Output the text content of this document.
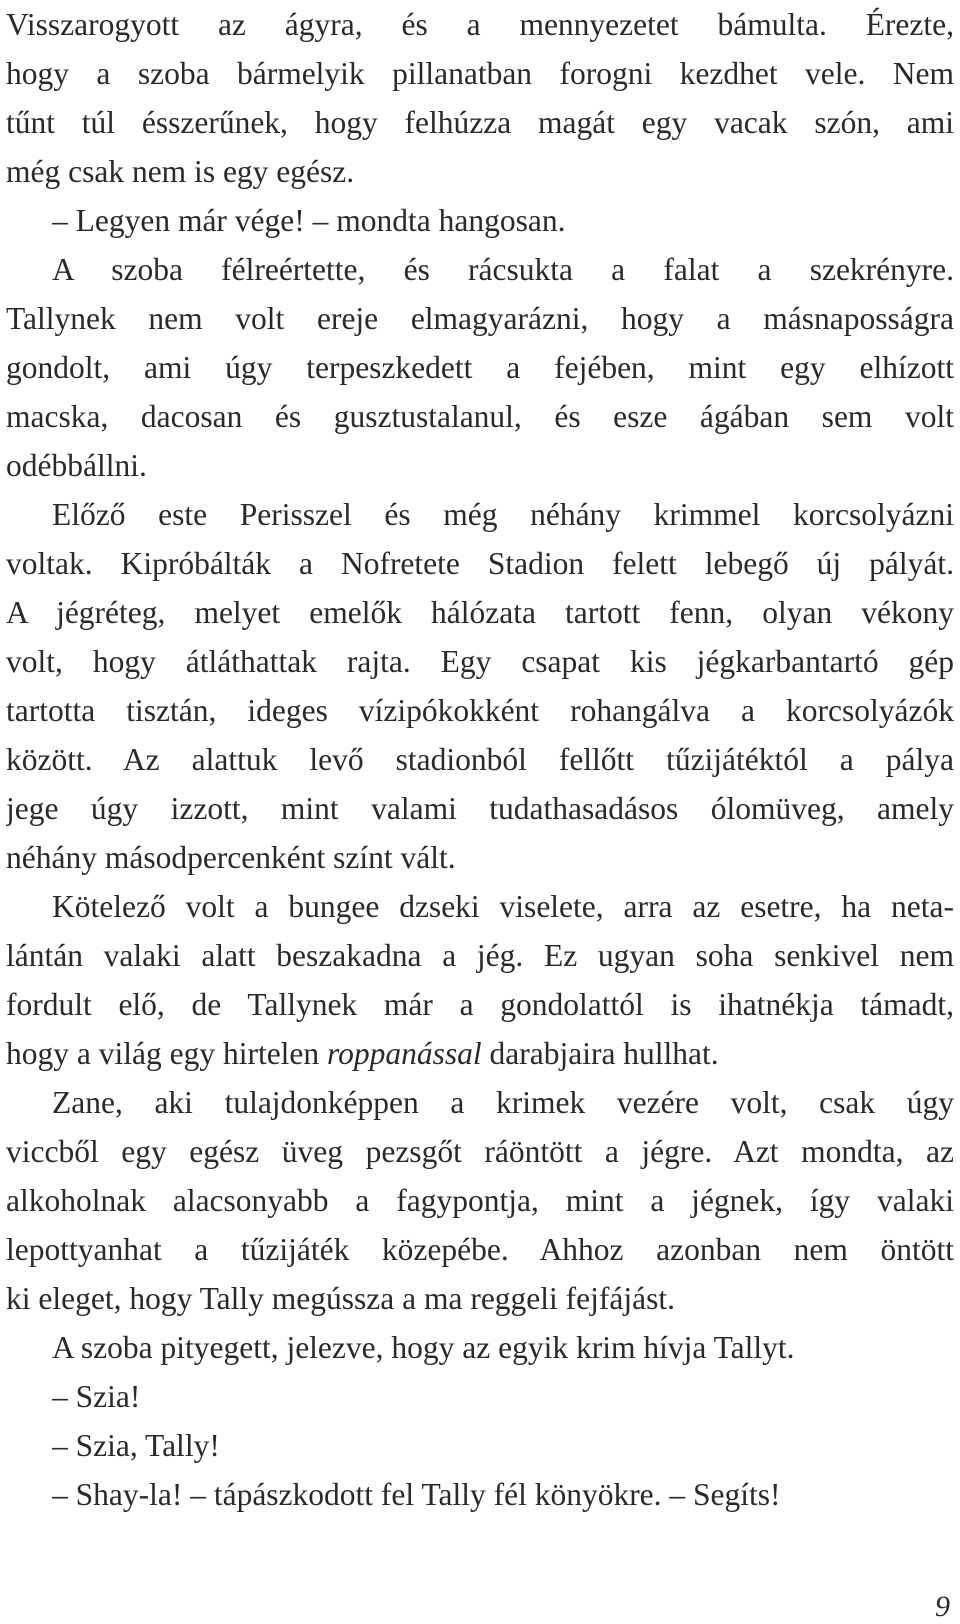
Visszarogyott az ágyra, és a mennyezetet bámulta. Érezte,
hogy a szoba bármelyik pillanatban forogni kezdhet vele. Nem
tűnt túl ésszerűnek, hogy felhúzza magát egy vacak szón, ami
még csak nem is egy egész.
– Legyen már vége! – mondta hangosan.
A szoba félreértette, és rácsukta a falat a szekrényre.
Tallynek nem volt ereje elmagyarázni, hogy a másnaposságra
gondolt, ami úgy terpeszkedett a fejében, mint egy elhízott
macska, dacosan és gusztustalanul, és esze ágában sem volt
odébbállni.
Előző este Perisszel és még néhány krimmel korcsolyázni
voltak. Kipróbálták a Nofretete Stadion felett lebegő új pályát.
A jégréteg, melyet emelők hálózata tartott fenn, olyan vékony
volt, hogy átláthattak rajta. Egy csapat kis jégkarbantartó gép
tartotta tisztán, ideges vízipókokként rohangálva a korcsolyázók
között. Az alattuk levő stadionból fellőtt tűzijátéktól a pálya
jege úgy izzott, mint valami tudathasadásos ólomüveg, amely
néhány másodpercenként színt vált.
Kötelező volt a bungee dzseki viselete, arra az esetre, ha neta-
lántán valaki alatt beszakadna a jég. Ez ugyan soha senkivel nem
fordult elő, de Tallynek már a gondolattól is ihatnékja támadt,
hogy a világ egy hirtelen roppanással darabjaira hullhat.
Zane, aki tulajdonképpen a krimek vezére volt, csak úgy
viccből egy egész üveg pezsgőt ráöntött a jégre. Azt mondta, az
alkoholnak alacsonyabb a fagypontja, mint a jégnek, így valaki
lepottyanhat a tűzijáték közepébe. Ahhoz azonban nem öntött
ki eleget, hogy Tally megússza a ma reggeli fejfájást.
A szoba pityegett, jelezve, hogy az egyik krim hívja Tallyt.
– Szia!
– Szia, Tally!
– Shay-la! – tápászkodott fel Tally fél könyökre. – Segíts!
9
